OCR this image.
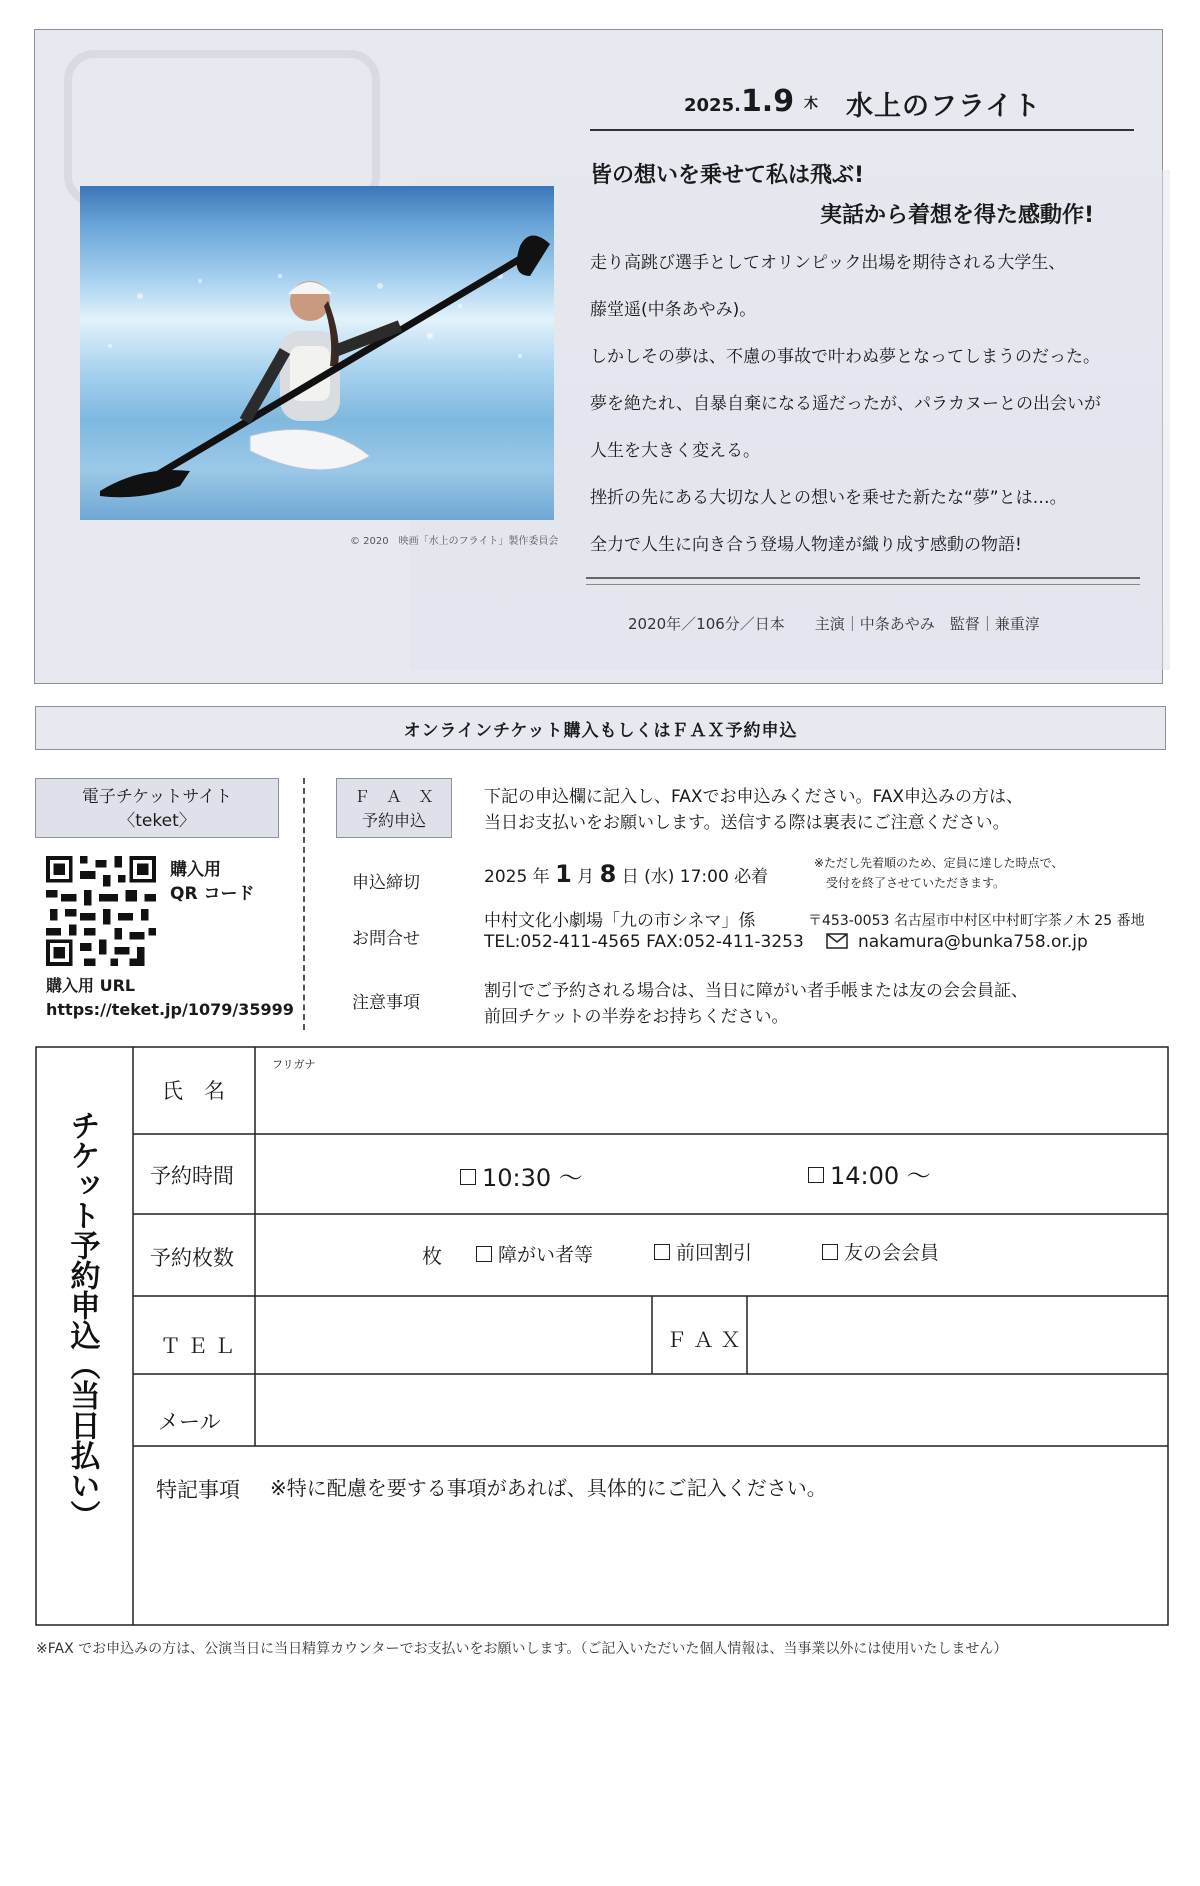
© 2020　映画「水上のフライト」製作委員会
2025.1.9 木 水上のフライト
皆の想いを乗せて私は飛ぶ!
実話から着想を得た感動作!
走り高跳び選手としてオリンピック出場を期待される大学生、
藤堂遥(中条あやみ)。
しかしその夢は、不慮の事故で叶わぬ夢となってしまうのだった。
夢を絶たれ、自暴自棄になる遥だったが、パラカヌーとの出会いが
人生を大きく変える。
挫折の先にある大切な人との想いを乗せた新たな“夢”とは…。
全力で人生に向き合う登場人物達が織り成す感動の物語!
2020年／106分／日本　　主演｜中条あやみ　監督｜兼重淳
オンラインチケット購入もしくはＦＡＸ予約申込
電子チケットサイト
〈teket〉
購入用
QR コード
購入用 URL
https://teket.jp/1079/35999
Ｆ　Ａ　Ｘ
予約申込
下記の申込欄に記入し、FAXでお申込みください。FAX申込みの方は、
当日お支払いをお願いします。送信する際は裏表にご注意ください。
申込締切	2025 年 1 月 8 日 (水) 17:00 必着
※ただし先着順のため、定員に達した時点で、
受付を終了させていただきます。
お問合せ
中村文化小劇場「九の市シネマ」係	〒453-0053 名古屋市中村区中村町字茶ノ木 25 番地
TEL:052-411-4565 FAX:052-411-3253	nakamura@bunka758.or.jp
注意事項
割引でご予約される場合は、当日に障がい者手帳または友の会会員証、
前回チケットの半券をお持ちください。
チケット予約申込（当日払い）
氏　名
フリガナ
予約時間	10:30 〜	14:00 〜
予約枚数	枚	障がい者等	前回割引	友の会会員
ＴＥＬ	ＦＡＸ
メール
特記事項 ※特に配慮を要する事項があれば、具体的にご記入ください。
※FAX でお申込みの方は、公演当日に当日精算カウンターでお支払いをお願いします。（ご記入いただいた個人情報は、当事業以外には使用いたしません）
